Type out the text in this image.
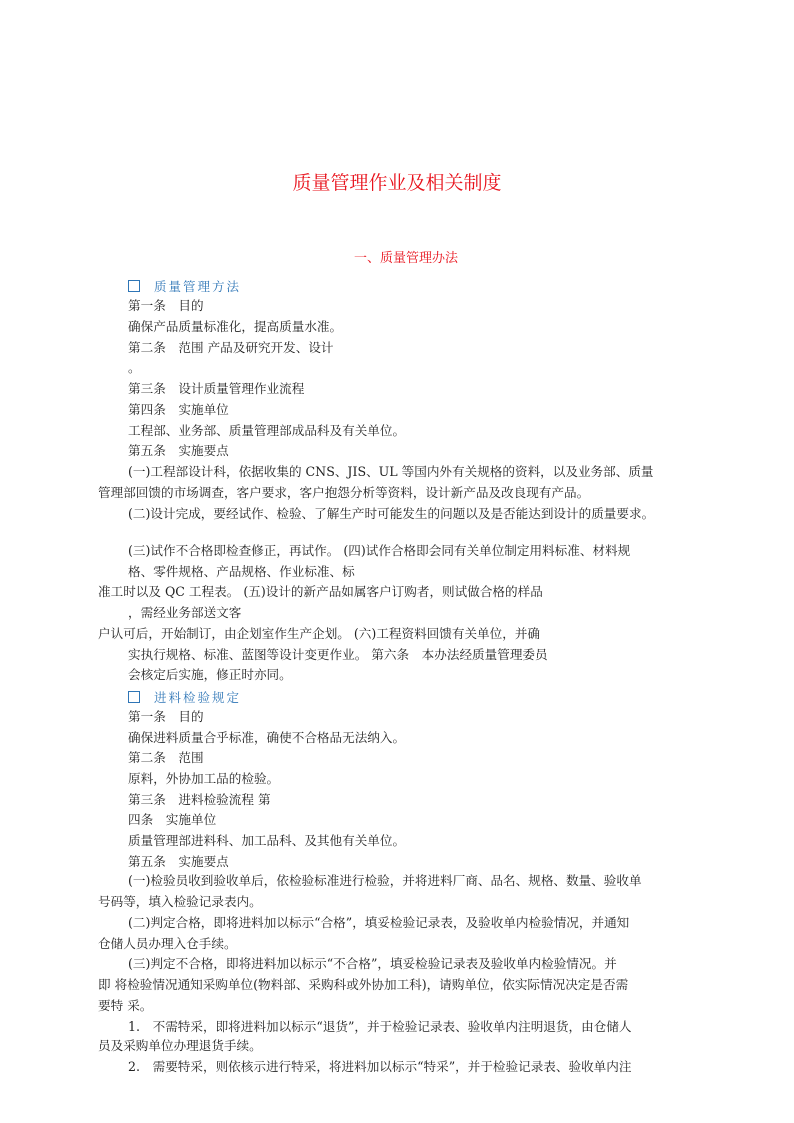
质量管理作业及相关制度
一、质量管理办法
质量管理方法
进料检验规定
第一条　目的
确保产品质量标准化，提高质量水准。
第二条　范围 产品及研究开发、设计
。
第三条　设计质量管理作业流程
第四条　实施单位
工程部、业务部、质量管理部成品科及有关单位。
第五条　实施要点
(一)工程部设计科，依据收集的 CNS、JIS、UL 等国内外有关规格的资料，以及业务部、质量
管理部回馈的市场调查，客户要求，客户抱怨分析等资料，设计新产品及改良现有产品。
(二)设计完成，要经试作、检验、了解生产时可能发生的问题以及是否能达到设计的质量要求。
(三)试作不合格即检查修正，再试作。 (四)试作合格即会同有关单位制定用料标准、材料规
格、零件规格、产品规格、作业标准、标
准工时以及 QC 工程表。 (五)设计的新产品如属客户订购者，则试做合格的样品
，需经业务部送文客
户认可后，开始制订，由企划室作生产企划。 (六)工程资料回馈有关单位，并确
实执行规格、标准、蓝图等设计变更作业。 第六条　本办法经质量管理委员
会核定后实施，修正时亦同。
第一条　目的
确保进料质量合乎标准，确使不合格品无法纳入。
第二条　范围
原料，外协加工品的检验。
第三条　进料检验流程 第
四条　实施单位
质量管理部进料科、加工品科、及其他有关单位。
第五条　实施要点
(一)检验员收到验收单后，依检验标准进行检验，并将进料厂商、品名、规格、数量、验收单
号码等，填入检验记录表内。
(二)判定合格，即将进料加以标示“合格”，填妥检验记录表，及验收单内检验情况，并通知
仓储人员办理入仓手续。
(三)判定不合格，即将进料加以标示“不合格”，填妥检验记录表及验收单内检验情况。并
即 将检验情况通知采购单位(物料部、采购科或外协加工科)，请购单位，依实际情况决定是否需
要特 采。
1.　不需特采，即将进料加以标示“退货”，并于检验记录表、验收单内注明退货，由仓储人
员及采购单位办理退货手续。
2.　需要特采，则依核示进行特采，将进料加以标示“特采”，并于检验记录表、验收单内注
